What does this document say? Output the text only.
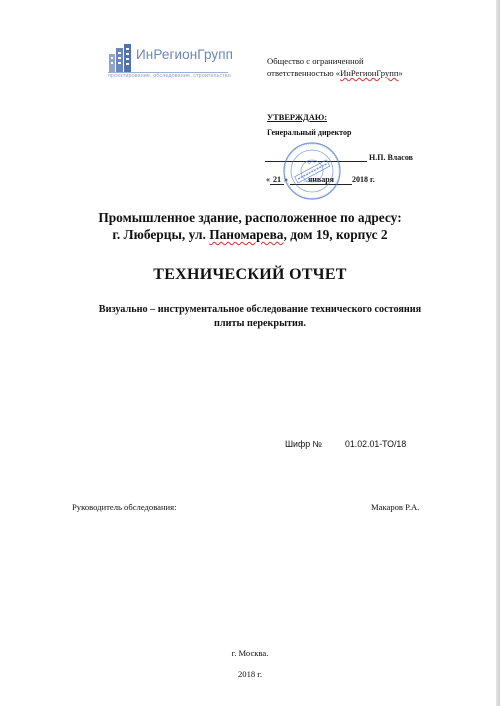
ИнРегионГрупп
проектирование, обследование, строительство
Общество с ограниченной
ответственностью «ИнРегионГрупп»
УТВЕРЖДАЮ:
Генеральный директор
Н.П. Власов
« 21 » января 2018 г.
Промышленное здание, расположенное по адресу:
г. Люберцы, ул. Паномарева, дом 19, корпус 2
ТЕХНИЧЕСКИЙ ОТЧЕТ
Визуально – инструментальное обследование технического состояния
плиты перекрытия.
Шифр №	01.02.01-ТО/18
Руководитель обследования:	Макаров Р.А.
г. Москва.
2018 г.
